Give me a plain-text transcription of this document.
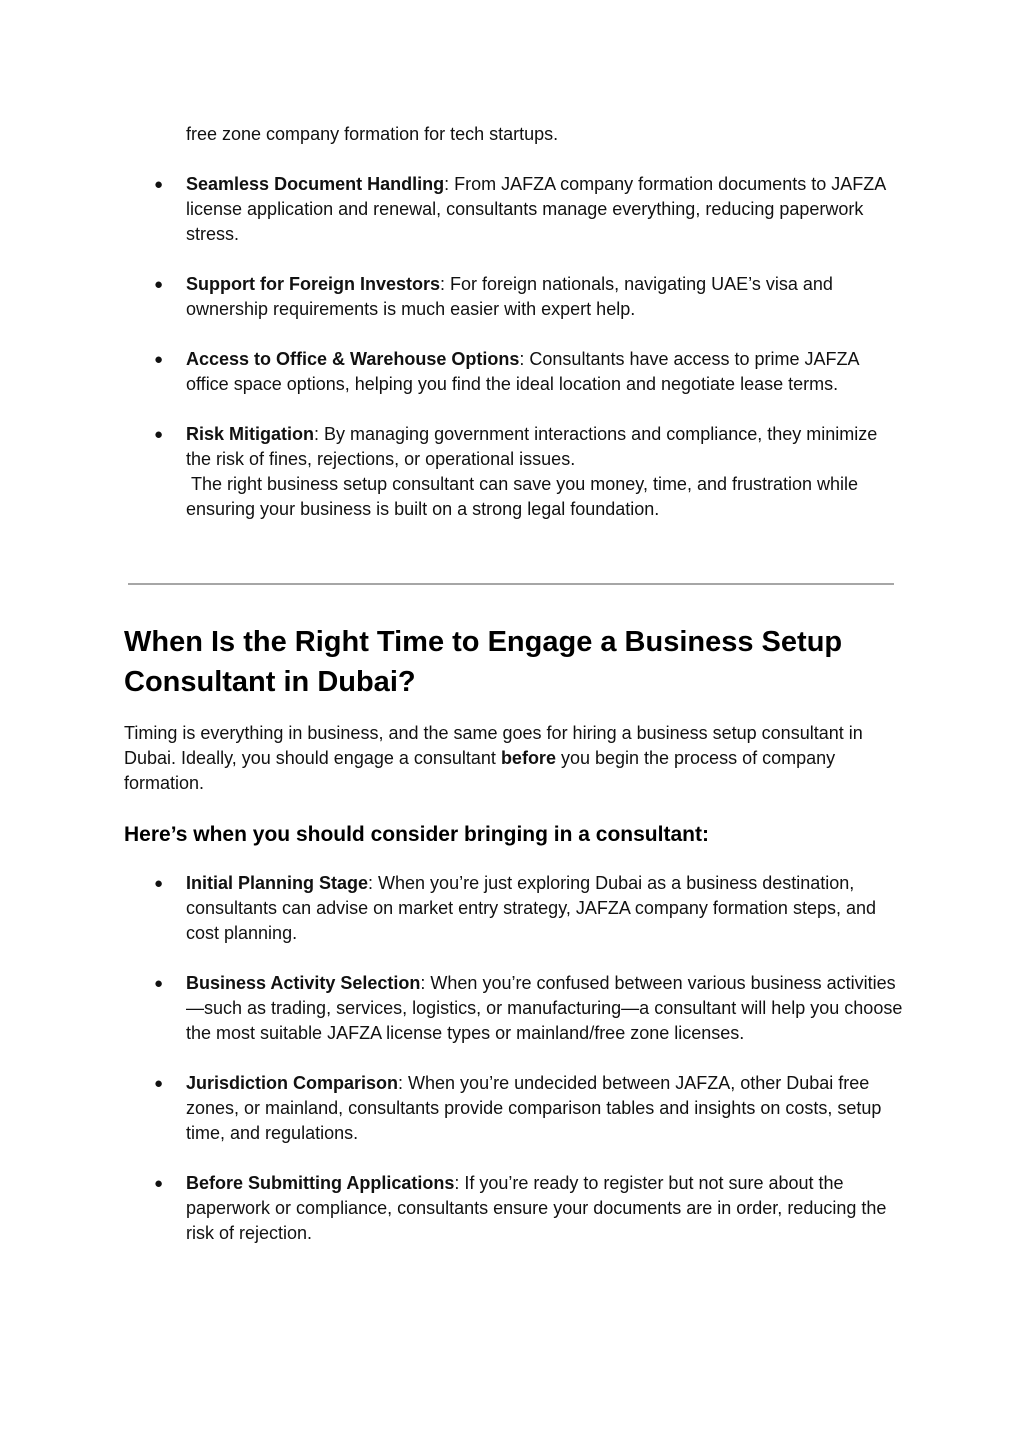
free zone company formation for tech startups.

● Seamless Document Handling: From JAFZA company formation documents to JAFZA license application and renewal, consultants manage everything, reducing paperwork stress.
● Support for Foreign Investors: For foreign nationals, navigating UAE’s visa and ownership requirements is much easier with expert help.
● Access to Office & Warehouse Options: Consultants have access to prime JAFZA office space options, helping you find the ideal location and negotiate lease terms.
● Risk Mitigation: By managing government interactions and compliance, they minimize the risk of fines, rejections, or operational issues.

The right business setup consultant can save you money, time, and frustration while ensuring your business is built on a strong legal foundation.

When Is the Right Time to Engage a Business Setup Consultant in Dubai?

Timing is everything in business, and the same goes for hiring a business setup consultant in Dubai. Ideally, you should engage a consultant before you begin the process of company formation.

Here’s when you should consider bringing in a consultant:
● Initial Planning Stage: When you’re just exploring Dubai as a business destination, consultants can advise on market entry strategy, JAFZA company formation steps, and cost planning.
● Business Activity Selection: When you’re confused between various business activities—such as trading, services, logistics, or manufacturing—a consultant will help you choose the most suitable JAFZA license types or mainland/free zone licenses.
● Jurisdiction Comparison: When you’re undecided between JAFZA, other Dubai free zones, or mainland, consultants provide comparison tables and insights on costs, setup time, and regulations.
● Before Submitting Applications: If you’re ready to register but not sure about the paperwork or compliance, consultants ensure your documents are in order, reducing the risk of rejection.
